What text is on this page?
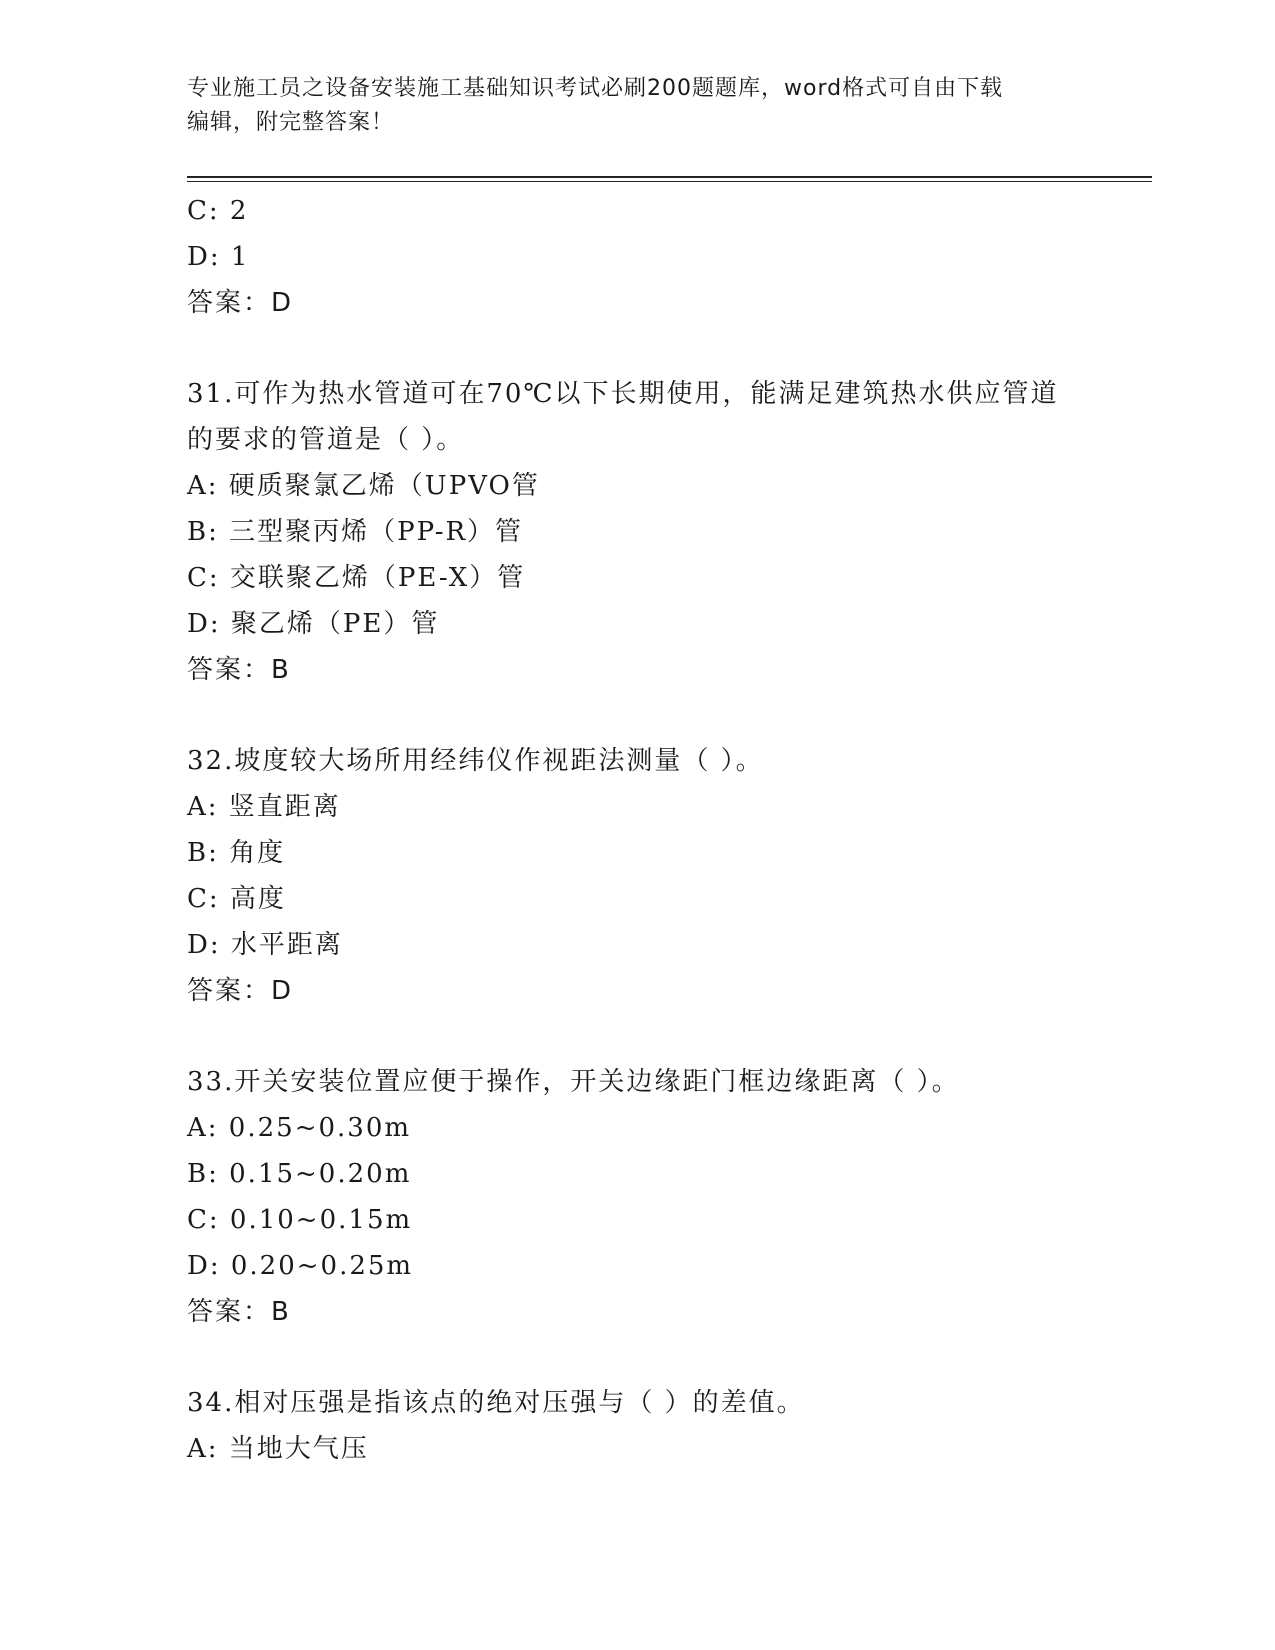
专业施工员之设备安装施工基础知识考试必刷200题题库，word格式可自由下载
编辑，附完整答案！
C: 2
D: 1
答案：D
31.可作为热水管道可在70℃以下长期使用，能满足建筑热水供应管道
的要求的管道是（ ）。
A: 硬质聚氯乙烯（UPVO管
B: 三型聚丙烯（PP-R）管
C: 交联聚乙烯（PE-X）管
D: 聚乙烯（PE）管
答案：B
32.坡度较大场所用经纬仪作视距法测量（ ）。
A: 竖直距离
B: 角度
C: 高度
D: 水平距离
答案：D
33.开关安装位置应便于操作，开关边缘距门框边缘距离（ ）。
A: 0.25~0.30m
B: 0.15~0.20m
C: 0.10~0.15m
D: 0.20~0.25m
答案：B
34.相对压强是指该点的绝对压强与（ ）的差值。
A: 当地大气压
